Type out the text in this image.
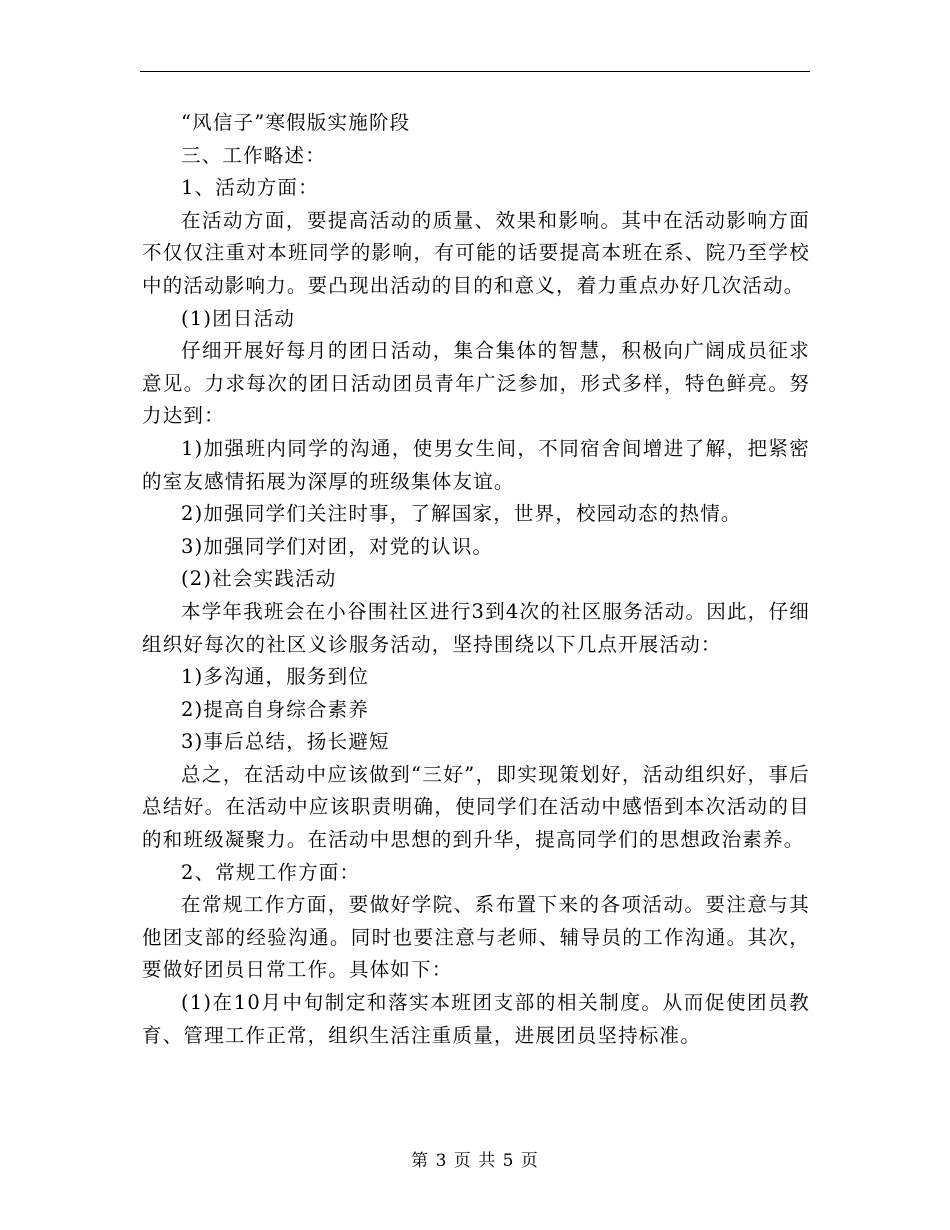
“风信子”寒假版实施阶段

三、工作略述：

1、活动方面：

在活动方面，要提高活动的质量、效果和影响。其中在活动影响方面不仅仅注重对本班同学的影响，有可能的话要提高本班在系、院乃至学校中的活动影响力。要凸现出活动的目的和意义，着力重点办好几次活动。

(1)团日活动

仔细开展好每月的团日活动，集合集体的智慧，积极向广阔成员征求意见。力求每次的团日活动团员青年广泛参加，形式多样，特色鲜亮。努力达到：

1)加强班内同学的沟通，使男女生间，不同宿舍间增进了解，把紧密的室友感情拓展为深厚的班级集体友谊。

2)加强同学们关注时事，了解国家，世界，校园动态的热情。

3)加强同学们对团，对党的认识。

(2)社会实践活动

本学年我班会在小谷围社区进行3到4次的社区服务活动。因此，仔细组织好每次的社区义诊服务活动，坚持围绕以下几点开展活动：

1)多沟通，服务到位

2)提高自身综合素养

3)事后总结，扬长避短

总之，在活动中应该做到“三好”，即实现策划好，活动组织好，事后总结好。在活动中应该职责明确，使同学们在活动中感悟到本次活动的目的和班级凝聚力。在活动中思想的到升华，提高同学们的思想政治素养。

2、常规工作方面：

在常规工作方面，要做好学院、系布置下来的各项活动。要注意与其他团支部的经验沟通。同时也要注意与老师、辅导员的工作沟通。其次，要做好团员日常工作。具体如下：

(1)在10月中旬制定和落实本班团支部的相关制度。从而促使团员教育、管理工作正常，组织生活注重质量，进展团员坚持标准。

第 3 页 共 5 页
